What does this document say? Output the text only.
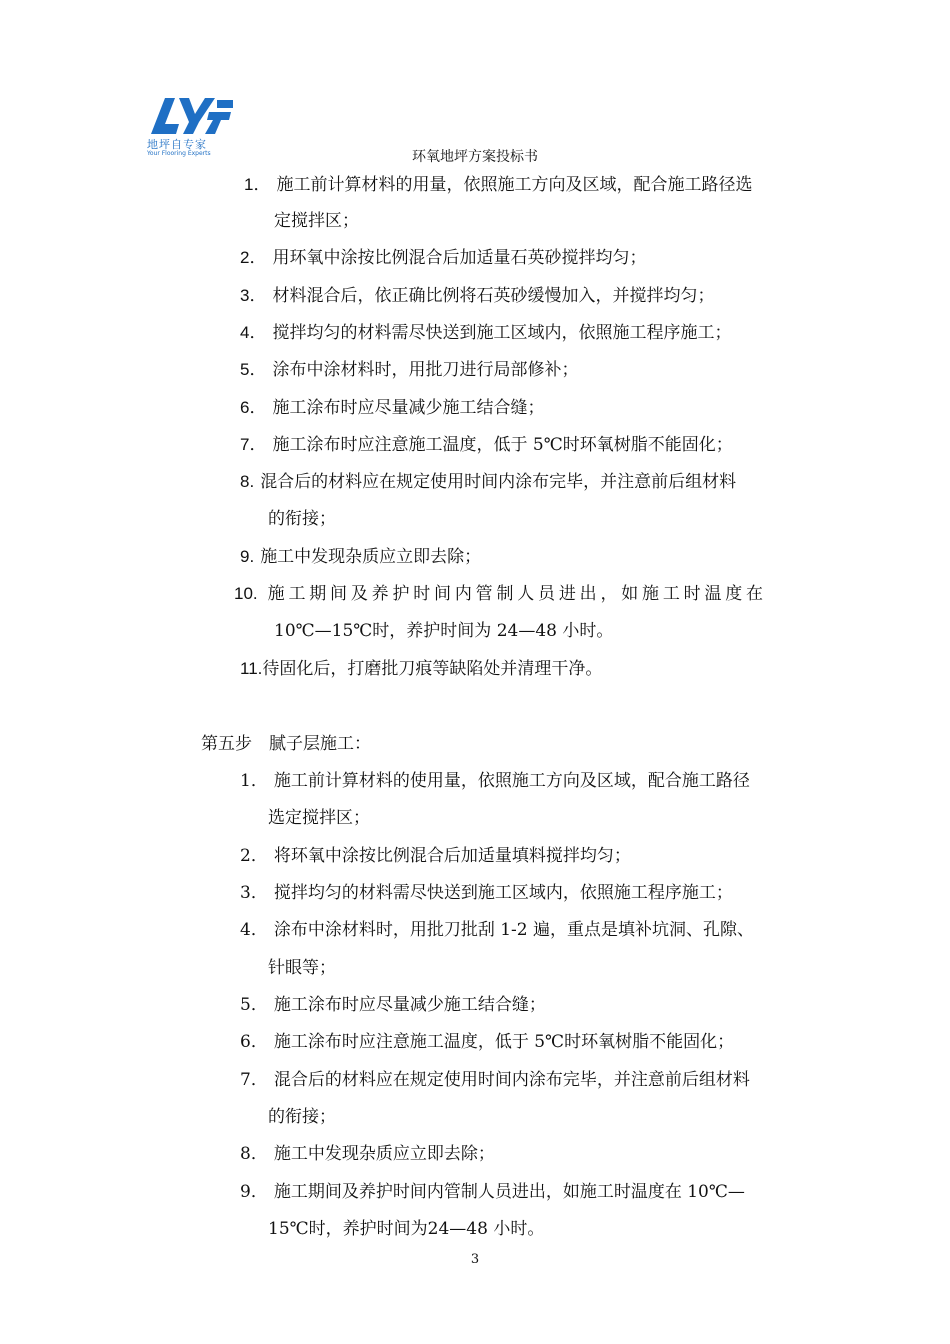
地坪自专家
Your Flooring Experts	环氧地坪方案投标书
1． 施工前计算材料的用量，依照施工方向及区域，配合施工路径选
定搅拌区；
2． 用环氧中涂按比例混合后加适量石英砂搅拌均匀；
3． 材料混合后，依正确比例将石英砂缓慢加入，并搅拌均匀；
4． 搅拌均匀的材料需尽快送到施工区域内，依照施工程序施工；
5． 涂布中涂材料时，用批刀进行局部修补；
6． 施工涂布时应尽量减少施工结合缝；
7． 施工涂布时应注意施工温度，低于 5℃时环氧树脂不能固化；
8. 混合后的材料应在规定使用时间内涂布完毕，并注意前后组材料
的衔接；
9. 施工中发现杂质应立即去除；
10. 施工期间及养护时间内管制人员进出，如施工时温度在
10℃—15℃时，养护时间为 24—48 小时。
11.待固化后，打磨批刀痕等缺陷处并清理干净。
第五步　腻子层施工：
1． 施工前计算材料的使用量，依照施工方向及区域，配合施工路径
选定搅拌区；
2． 将环氧中涂按比例混合后加适量填料搅拌均匀；
3． 搅拌均匀的材料需尽快送到施工区域内，依照施工程序施工；
4． 涂布中涂材料时，用批刀批刮 1-2 遍，重点是填补坑洞、孔隙、
针眼等；
5． 施工涂布时应尽量减少施工结合缝；
6． 施工涂布时应注意施工温度，低于 5℃时环氧树脂不能固化；
7． 混合后的材料应在规定使用时间内涂布完毕，并注意前后组材料
的衔接；
8． 施工中发现杂质应立即去除；
9． 施工期间及养护时间内管制人员进出，如施工时温度在 10℃—
15℃时，养护时间为24—48 小时。
3
